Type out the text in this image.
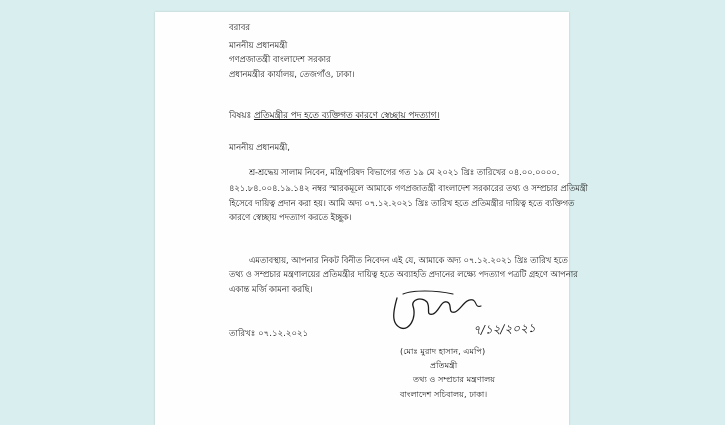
বরাবর
মাননীয় প্রধানমন্ত্রী
গণপ্রজাতন্ত্রী বাংলাদেশ সরকার
প্রধানমন্ত্রীর কার্যালয়, তেজগাঁও, ঢাকা।
বিষয়ঃ প্রতিমন্ত্রীর পদ হতে ব্যক্তিগত কারণে স্বেচ্ছায় পদত্যাগ।
মাননীয় প্রধানমন্ত্রী,
শ্র-শ্রদ্ধেয় সালাম নিবেন, মন্ত্রিপরিষদ বিভাগের গত ১৯ মে ২০২১ খ্রিঃ তারিখের ০৪.০০.০০০০.
৪২১.৮৪.০০৪.১৯.১৪২ নম্বর স্মারকমূলে আমাকে গণপ্রজাতন্ত্রী বাংলাদেশ সরকারের তথ্য ও সম্প্রচার প্রতিমন্ত্রী
হিসেবে দায়িত্ব প্রদান করা হয়। আমি অদ্য ০৭.১২.২০২১ খ্রিঃ তারিখ হতে প্রতিমন্ত্রীর দায়িত্ব হতে ব্যক্তিগত
কারণে স্বেচ্ছায় পদত্যাগ করতে ইচ্ছুক।
এমতাবস্থায়, আপনার নিকট বিনীত নিবেদন এই যে, আমাকে অদ্য ০৭.১২.২০২১ খ্রিঃ তারিখ হতে
তথ্য ও সম্প্রচার মন্ত্রণালয়ের প্রতিমন্ত্রীর দায়িত্ব হতে অব্যাহতি প্রদানের লক্ষ্যে পদত্যাগ পত্রটি গ্রহণে আপনার
একান্ত মর্জি কামনা করছি।
তারিখঃ ০৭.১২.২০২১
(মোঃ মুরাদ হাসান, এমপি)
প্রতিমন্ত্রী
তথ্য ও সম্প্রচার মন্ত্রণালয়
বাংলাদেশ সচিবালয়, ঢাকা।
৭/১২/২০২১
